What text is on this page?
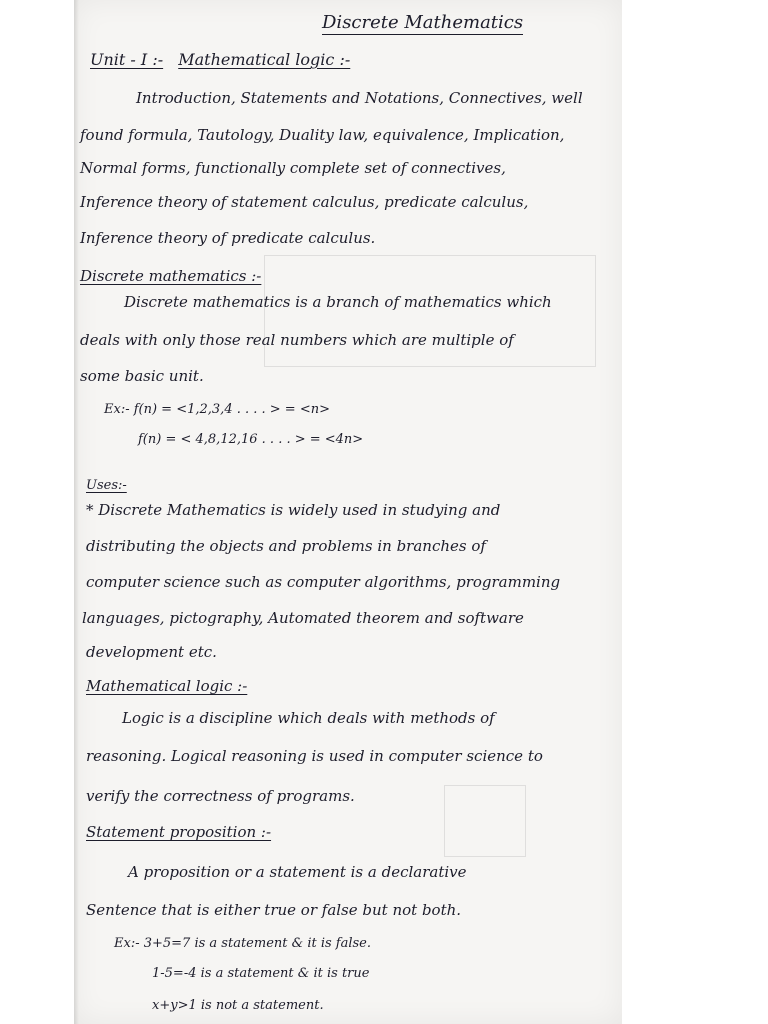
Discrete Mathematics
Unit - I :- Mathematical logic :-
Introduction, Statements and Notations, Connectives, well
found formula, Tautology, Duality law, equivalence, Implication,
Normal forms, functionally complete set of connectives,
Inference theory of statement calculus, predicate calculus,
Inference theory of predicate calculus.
Discrete mathematics :-
Discrete mathematics is a branch of mathematics which
deals with only those real numbers which are multiple of
some basic unit.
Ex:- f(n) = <1,2,3,4 . . . . > = <n>
f(n) = < 4,8,12,16 . . . . > = <4n>
Uses:-
* Discrete Mathematics is widely used in studying and
distributing the objects and problems in branches of
computer science such as computer algorithms, programming
languages, pictography, Automated theorem and software
development etc.
Mathematical logic :-
Logic is a discipline which deals with methods of
reasoning. Logical reasoning is used in computer science to
verify the correctness of programs.
Statement proposition :-
A proposition or a statement is a declarative
Sentence that is either true or false but not both.
Ex:- 3+5=7 is a statement & it is false.
1-5=-4 is a statement & it is true
x+y>1 is not a statement.
